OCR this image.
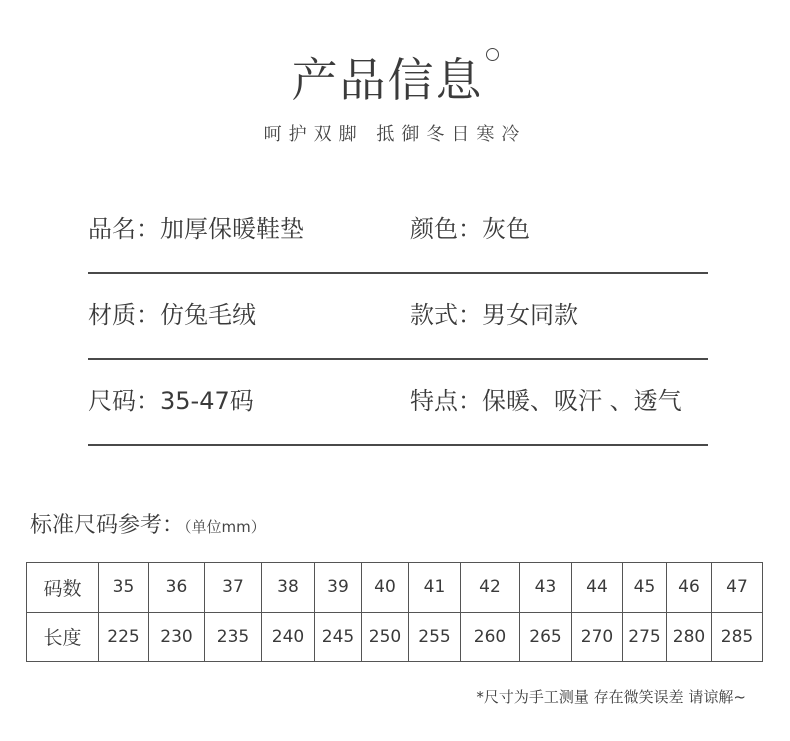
产品信息
呵护双脚 抵御冬日寒冷
品名：加厚保暖鞋垫	颜色：灰色
材质：仿兔毛绒	款式：男女同款
尺码：35-47码	特点：保暖、吸汗 、透气
标准尺码参考：（单位mm）
码数	35	36	37	38	39	40	41	42	43	44	45	46	47
长度	225	230	235	240	245	250	255	260	265	270	275	280	285
*尺寸为手工测量 存在微笑误差 请谅解~
